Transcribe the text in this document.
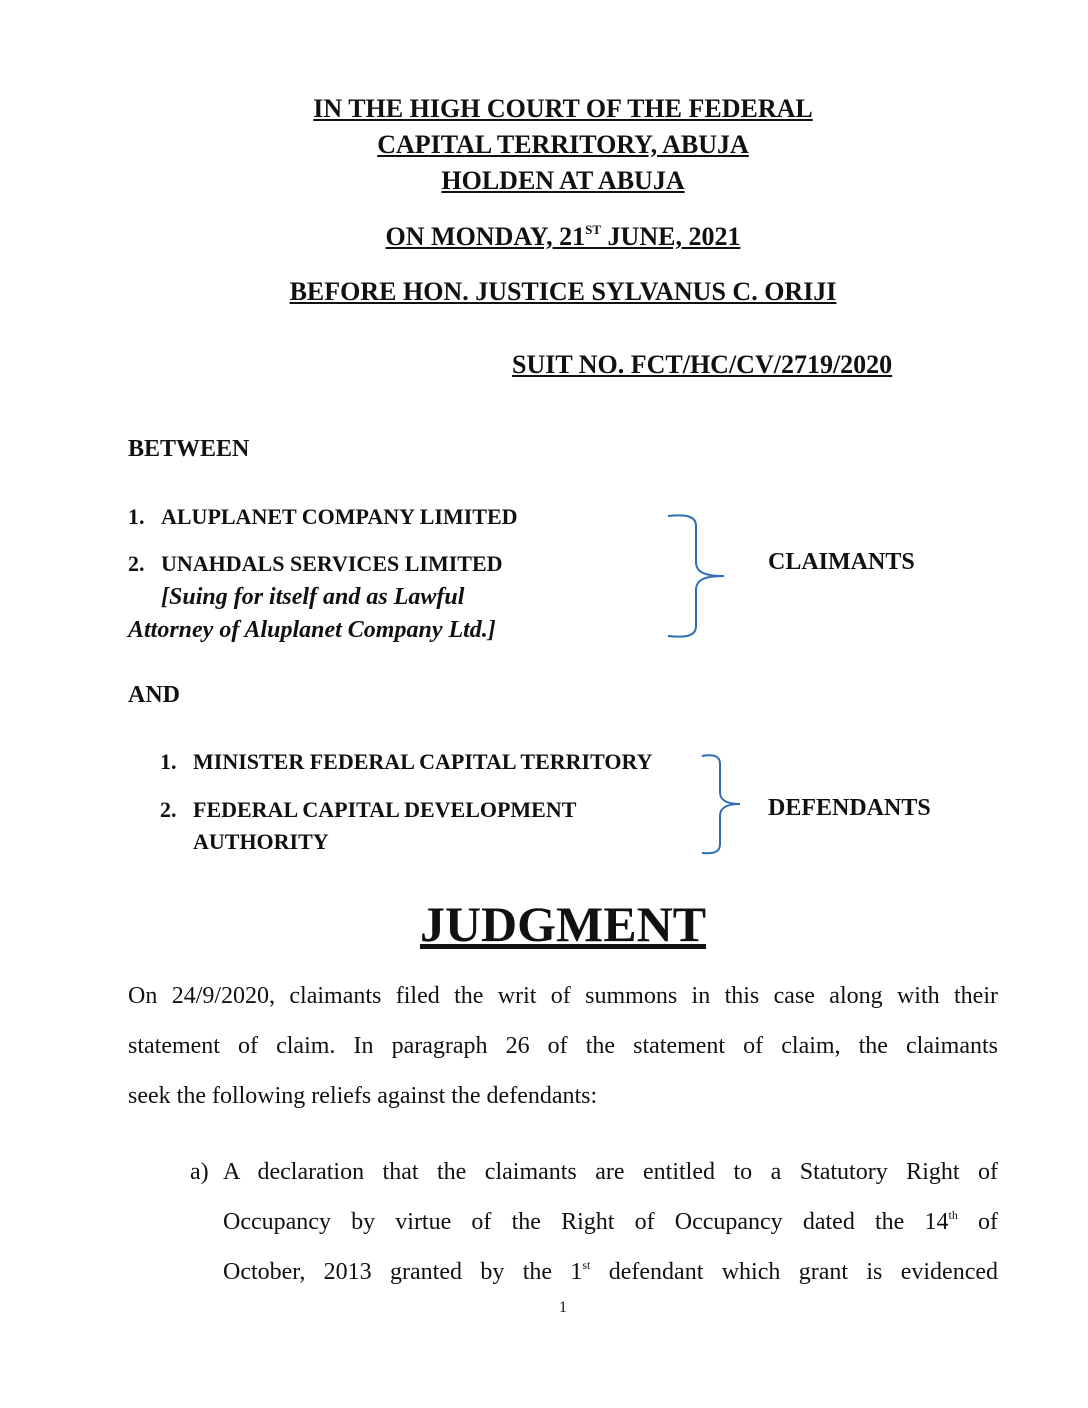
IN THE HIGH COURT OF THE FEDERAL
CAPITAL TERRITORY, ABUJA
HOLDEN AT ABUJA
ON MONDAY, 21ST JUNE, 2021
BEFORE HON. JUSTICE SYLVANUS C. ORIJI
SUIT NO. FCT/HC/CV/2719/2020
BETWEEN
1. ALUPLANET COMPANY LIMITED
2. UNAHDALS SERVICES LIMITED
[Suing for itself and as Lawful
Attorney of Aluplanet Company Ltd.]
CLAIMANTS
AND
1. MINISTER FEDERAL CAPITAL TERRITORY
2. FEDERAL CAPITAL DEVELOPMENT
AUTHORITY
DEFENDANTS
JUDGMENT
On 24/9/2020, claimants filed the writ of summons in this case along with their
statement of claim. In paragraph 26 of the statement of claim, the claimants
seek the following reliefs against the defendants:
a) A declaration that the claimants are entitled to a Statutory Right of
Occupancy by virtue of the Right of Occupancy dated the 14th of
October, 2013 granted by the 1st defendant which grant is evidenced
1
